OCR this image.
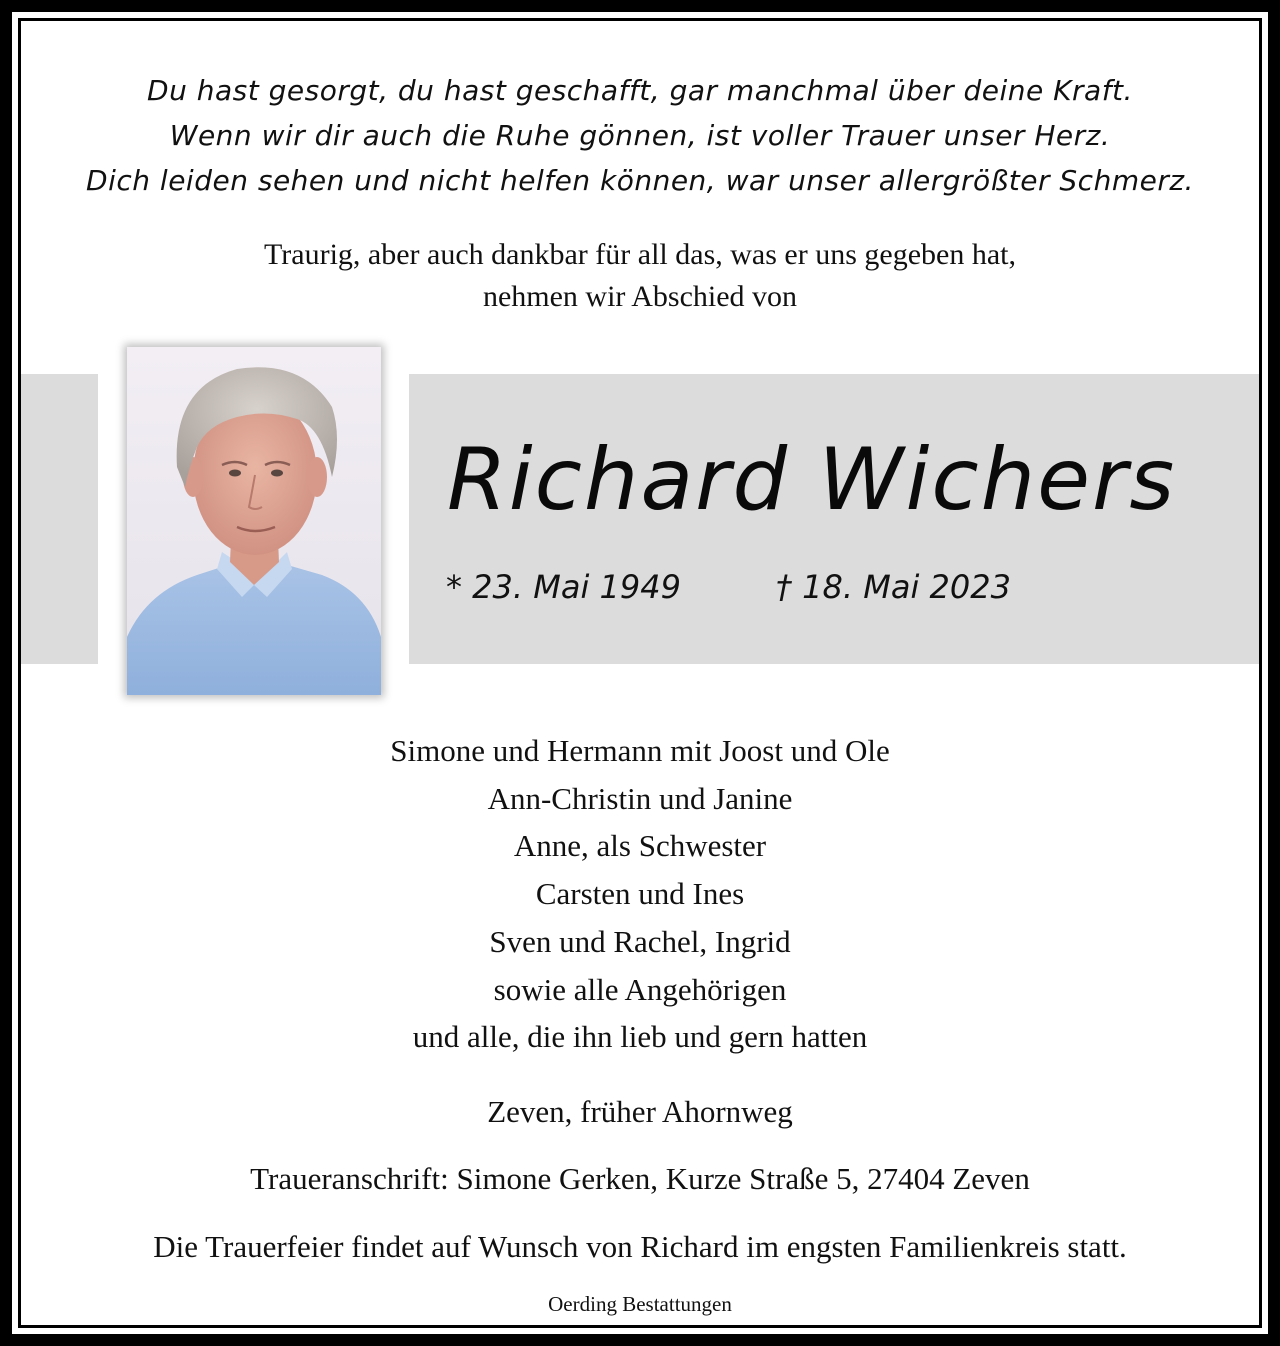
Du hast gesorgt, du hast geschafft, gar manchmal über deine Kraft.
Wenn wir dir auch die Ruhe gönnen, ist voller Trauer unser Herz.
Dich leiden sehen und nicht helfen können, war unser allergrößter Schmerz.
Traurig, aber auch dankbar für all das, was er uns gegeben hat,
nehmen wir Abschied von
Richard Wichers
* 23. Mai 1949	† 18. Mai 2023
Simone und Hermann mit Joost und Ole
Ann-Christin und Janine
Anne, als Schwester
Carsten und Ines
Sven und Rachel, Ingrid
sowie alle Angehörigen
und alle, die ihn lieb und gern hatten
Zeven, früher Ahornweg
Traueranschrift: Simone Gerken, Kurze Straße 5, 27404 Zeven
Die Trauerfeier findet auf Wunsch von Richard im engsten Familienkreis statt.
Oerding Bestattungen
